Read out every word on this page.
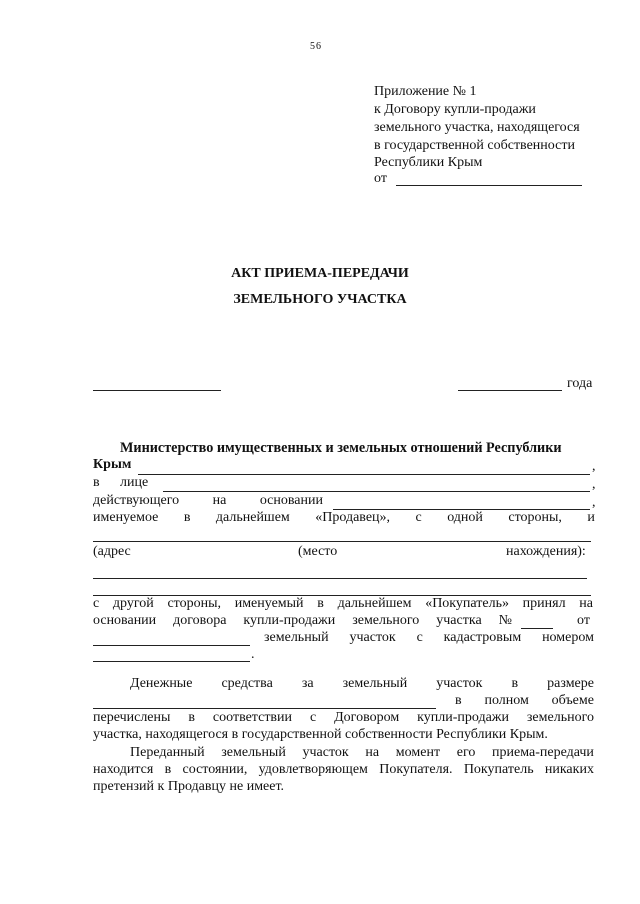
56
Приложение № 1
к Договору купли-продажи
земельного участка, находящегося
в государственной собственности
Республики Крым
от
АКТ ПРИЕМА-ПЕРЕДАЧИ
ЗЕМЕЛЬНОГО УЧАСТКА
года
Министерство имущественных и земельных отношений Республики
Крым	,
в лице	,
действующего на основании	,
именуемое в дальнейшем «Продавец», с одной стороны, и
(адрес	(место	нахождения):
с другой стороны, именуемый в дальнейшем «Покупатель» принял на
основании договора купли-продажи земельного участка №	от
земельный участок с кадастровым номером
.
Денежные средства за земельный участок в размере
в полном объеме
перечислены в соответствии с Договором купли-продажи земельного
участка, находящегося в государственной собственности Республики Крым.
Переданный земельный участок на момент его приема-передачи
находится в состоянии, удовлетворяющем Покупателя. Покупатель никаких
претензий к Продавцу не имеет.
